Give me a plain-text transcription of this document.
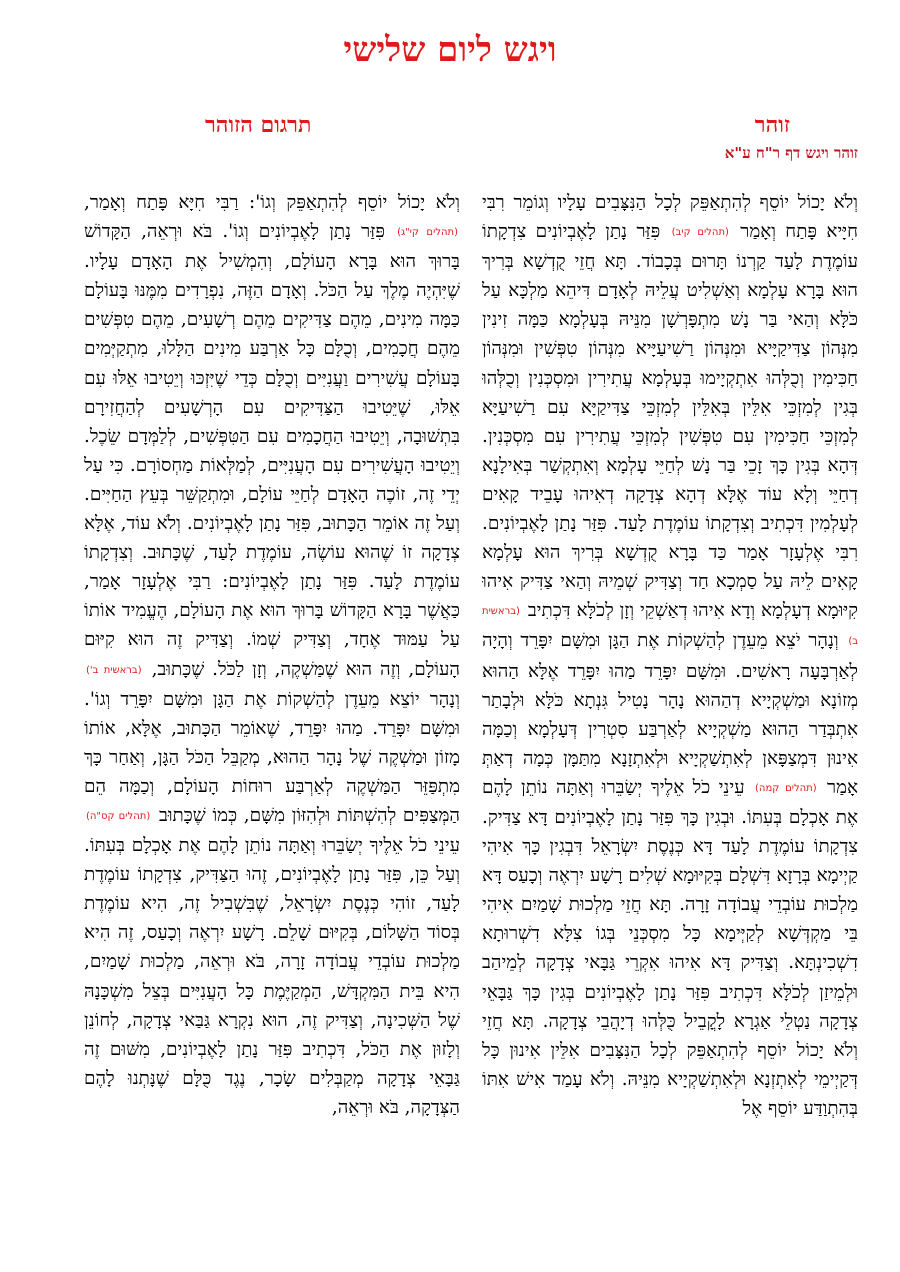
ויגש ליום שלישי
זוהר
תרגום הזוהר
זוהר ויגש דף ר"ח ע"א

וְלֹא יָכוֹל יוֹסֵף לְהִתְאַפֵּק לְכָל הַנִּצָּבִים עָלָיו וְגוֹמֵר רִבִּי חִיָּיא פָּתַח וְאָמַר (תהלים קיב) פִּזַּר נָתַן לָאֶבְיוֹנִים צִדְקָתוֹ עוֹמֶדֶת לָעַד קַרְנוֹ תָּרוּם בְּכָבוֹד. תָּא חֲזֵי קֻדְשָׁא בְּרִיךְ הוּא בָּרָא עָלְמָא וְאַשְׁלִיט עֲלֵיהּ לְאָדָם דִּיהֵא מַלְכָּא עַל כֹּלָּא וְהַאי בַּר נָשׁ מִתְפָּרְשָׁן מִנֵּיהּ בְּעָלְמָא כַּמָּה זִינִין מִנְּהוֹן צַדִּיקַיָּיא וּמִנְּהוֹן רַשִׁיעַיָּיא מִנְּהוֹן טִפְּשִׁין וּמִנְּהוֹן חַכִּימִין וְכֻלְּהוּ אִתְקְיָימוּ בְּעָלְמָא עֲתִירִין וּמִסְכְּנִין וְכֻלְּהוּ בְּגִין לְמִזְכֵּי אִלֵּין בְּאִלֵּין לְמִזְכֵּי צַדִּיקַיָּא עִם רַשִׁיעַיָּא לְמִזְכֵּי חַכִּימִין עִם טִפְּשִׁין לְמִזְכֵּי עֲתִירִין עִם מִסְכְּנִין. דְּהָא בְּגִין כָּךְ זָכֵי בַּר נָשׁ לְחַיֵּי עָלְמָא וְאִתְקְשַׁר בְּאִילָנָא דְחַיֵּי וְלָא עוֹד אֶלָּא דְהָא צְדָקָה דְאִיהוּ עָבֵיד קָאִים לְעָלְמִין דִּכְתִיב וְצִדְקָתוֹ עוֹמֶדֶת לָעַד. פִּזַּר נָתַן לָאֶבְיוֹנִים. רִבִּי אֶלְעָזָר אָמַר כַּד בָּרָא קֻדְשָׁא בְּרִיךְ הוּא עָלְמָא קָאִים לֵיהּ עַל סַמְכָא חַד וְצַדִּיק שְׁמֵיהּ וְהַאי צַדִּיק אִיהוּ קִיּוּמָא דְעָלְמָא וְדָא אִיהוּ דְאַשְׁקֵי וְזָן לְכֹלָּא דִּכְתִיב (בראשית ב) וְנָהָר יֹצֵא מֵעֵדֶן לְהַשְׁקוֹת אֶת הַגָּן וּמִשָּׁם יִפָּרֵד וְהָיָה לְאַרְבָּעָה רָאשִׁים. וּמִשָּׁם יִפָּרֵד מַהוּ יִפָּרֵד אֶלָּא הַהוּא מְזוֹנָא וּמַשְׁקְיָיא דְהַהוּא נָהָר נָטִיל גִּנְתָא כֹּלָּא וּלְבָתַר אִתְבְּדַר הַהוּא מַשְׁקְיָיא לְאַרְבַּע סִטְרִין דְּעָלְמָא וְכַמָּה אִינוּן דִּמְצַפָּאן לְאִתְשַׁקְיָיא וּלְאִתְזָנָא מִתַּמָּן כְּמָה דְאַתְּ אָמַר (תהלים קמה) עֵינֵי כֹל אֵלֶיךָ יְשַׂבֵּרוּ וְאַתָּה נוֹתֵן לָהֶם אֶת אָכְלָם בְּעִתּוֹ. וּבְגִין כָּךְ פִּזַּר נָתַן לָאֶבְיוֹנִים דָּא צַדִּיק. צִדְקָתוֹ עוֹמֶדֶת לָעַד דָּא כְּנֶסֶת יִשְׂרָאֵל דִּבְגִין כָּךְ אִיהִי קַיְימָא בְּרָזָא דִּשְׁלָם בְּקִיּוּמָא שְׁלִים רָשָׁע יִרְאֶה וְכָעַס דָּא מַלְכוּת עוֹבְדֵי עֲבוֹדָה זָרָה. תָּא חֲזֵי מַלְכוּת שָׁמַיִם אִיהִי בֵּי מַקְדְּשָׁא לְקַיְּימָא כָּל מִסְכְּנֵי בְּגוֹ צִלָּא דִשְׁרוּתָא דִשְׁכִינְתָּא. וְצַדִּיק דָּא אִיהוּ אִקְרֵי גַּבָּאי צְדָקָה לְמֵיהַב וּלְמֵיזַן לְכֹלָּא דִּכְתִיב פִּזַּר נָתַן לָאֶבְיוֹנִים בְּגִין כָּךְ גַּבָּאֵי צְדָקָה נַטְלֵי אַגְרָא לָקֳבֵיל כֻּלְּהוּ דְיָהֲבֵי צְדָקָה. תָּא חֲזֵי וְלֹא יָכוֹל יוֹסֵף לְהִתְאַפֵּק לְכָל הַנִּצָּבִים אִלֵּין אִינוּן כָּל דְּקַיְימֵי לְאִתְזְנָא וּלְאִתְשַׁקְיָיא מִנֵּיהּ. וְלֹא עָמַד אִישׁ אִתּוֹ בְּהִתְוַדַּע יוֹסֵף אֶל

וְלֹא יָכוֹל יוֹסֵף לְהִתְאַפֵּק וְגוֹ': רַבִּי חִיָּא פָּתַח וְאָמַר, (תהלים קי"ג) פִּזַּר נָתַן לָאֶבְיוֹנִים וְגוֹ'. בֹּא וּרְאֵה, הַקָּדוֹשׁ בָּרוּךְ הוּא בָּרָא הָעוֹלָם, וְהִמְשִׁיל אֶת הָאָדָם עָלָיו. שֶׁיִּהְיֶה מֶלֶךְ עַל הַכֹּל. וְאָדָם הַזֶּה, נִפְרָדִים מִמֶּנּוּ בָּעוֹלָם כַּמָּה מִינִים, מֵהֶם צַדִּיקִים מֵהֶם רְשָׁעִים, מֵהֶם טִפְּשִׁים מֵהֶם חֲכָמִים, וְכֻלָּם כָּל אַרְבַּע מִינִים הַלָּלוּ, מִתְקַיְּמִים בָּעוֹלָם עֲשִׁירִים וַעֲנִיִּים וְכֻלָּם כְּדֵי שֶׁיִּזְכּוּ וְיֵטִיבוּ אֵלּוּ עִם אֵלּוּ, שֶׁיֵּטִיבוּ הַצַּדִּיקִים עִם הָרְשָׁעִים לְהַחֲזִירָם בִּתְשׁוּבָה, וְיֵטִיבוּ הַחֲכָמִים עִם הַטִּפְּשִׁים, לְלַמְּדָם שֵׂכֶל. וְיֵטִיבוּ הָעֲשִׁירִים עִם הָעֲנִיִּים, לְמַלְּאוֹת מַחְסוֹרָם. כִּי עַל יְדֵי זֶה, זוֹכֶה הָאָדָם לְחַיֵּי עוֹלָם, וּמִתְקַשֵּׁר בְּעֵץ הַחַיִּים. וְעַל זֶה אוֹמֵר הַכָּתוּב, פִּזַּר נָתַן לָאֶבְיוֹנִים. וְלֹא עוֹד, אֶלָּא צְדָקָה זוֹ שֶׁהוּא עוֹשֶׂה, עוֹמֶדֶת לָעַד, שֶׁכָּתוּב. וְצִדְקָתוֹ עוֹמֶדֶת לָעַד. פִּזַּר נָתַן לָאֶבְיוֹנִים: רַבִּי אֶלְעָזָר אָמַר, כַּאֲשֶׁר בָּרָא הַקָּדוֹשׁ בָּרוּךְ הוּא אֶת הָעוֹלָם, הֶעֱמִיד אוֹתוֹ עַל עַמּוּד אֶחָד, וְצַדִּיק שְׁמוֹ. וְצַדִּיק זֶה הוּא קִיּוּם הָעוֹלָם, וְזֶה הוּא שֶׁמַּשְׁקֶה, וְזָן לַכֹּל. שֶׁכָּתוּב, (בראשית ב') וְנָהָר יוֹצֵא מֵעֵדֶן לְהַשְׁקוֹת אֶת הַגָּן וּמִשָּׁם יִפָּרֵד וְגוֹ'. וּמִשָּׁם יִפָּרֵד. מַהוּ יִפָּרֵד, שֶׁאוֹמֵר הַכָּתוּב, אֶלָּא, אוֹתוֹ מָזוֹן וּמַשְׁקֶה שֶׁל נָהָר הַהוּא, מְקַבֵּל הַכֹּל הַגָּן, וְאַחַר כָּךְ מִתְפַּזֵּר הַמַּשְׁקֶה לְאַרְבַּע רוּחוֹת הָעוֹלָם, וְכַמָּה הֵם הַמְּצַפִּים לְהִשְׁתּוֹת וּלְהִזּוֹן מִשָּׁם, כְּמוֹ שֶׁכָּתוּב (תהלים קס"ה) עֵינֵי כֹל אֵלֶיךָ יְשַׂבֵּרוּ וְאַתָּה נוֹתֵן לָהֶם אֶת אָכְלָם בְּעִתּוֹ. וְעַל כֵּן, פִּזַּר נָתַן לָאֶבְיוֹנִים, זֶהוּ הַצַּדִּיק, צִדְקָתוֹ עוֹמֶדֶת לָעַד, זוֹהִי כְּנֶסֶת יִשְׂרָאֵל, שֶׁבִּשְׁבִיל זֶה, הִיא עוֹמֶדֶת בְּסוֹד הַשָּׁלוֹם, בְּקִיּוּם שָׁלֵם. רָשָׁע יִרְאֶה וְכָעַס, זֶה הִיא מַלְכוּת עוֹבְדֵי עֲבוֹדָה זָרָה, בֹּא וּרְאֵה, מַלְכוּת שָׁמַיִם, הִיא בֵּית הַמִּקְדָּשׁ, הַמְקַיֶּמֶת כָּל הָעֲנִיִּים בְּצֵל מִשְׁכָּנָהּ שֶׁל הַשְּׁכִינָה, וְצַדִּיק זֶה, הוּא נִקְרָא גַּבַּאי צְדָקָה, לְחוֹנֵן וְלָזוּן אֶת הַכֹּל, דִּכְתִיב פִּזַּר נָתַן לָאֶבְיוֹנִים, מִשּׁוּם זֶה גַּבָּאֵי צְדָקָה מְקַבְּלִים שָׂכָר, נֶגֶד כֻּלָּם שֶׁנָּתְנוּ לָהֶם הַצְּדָקָה, בֹּא וּרְאֵה,
